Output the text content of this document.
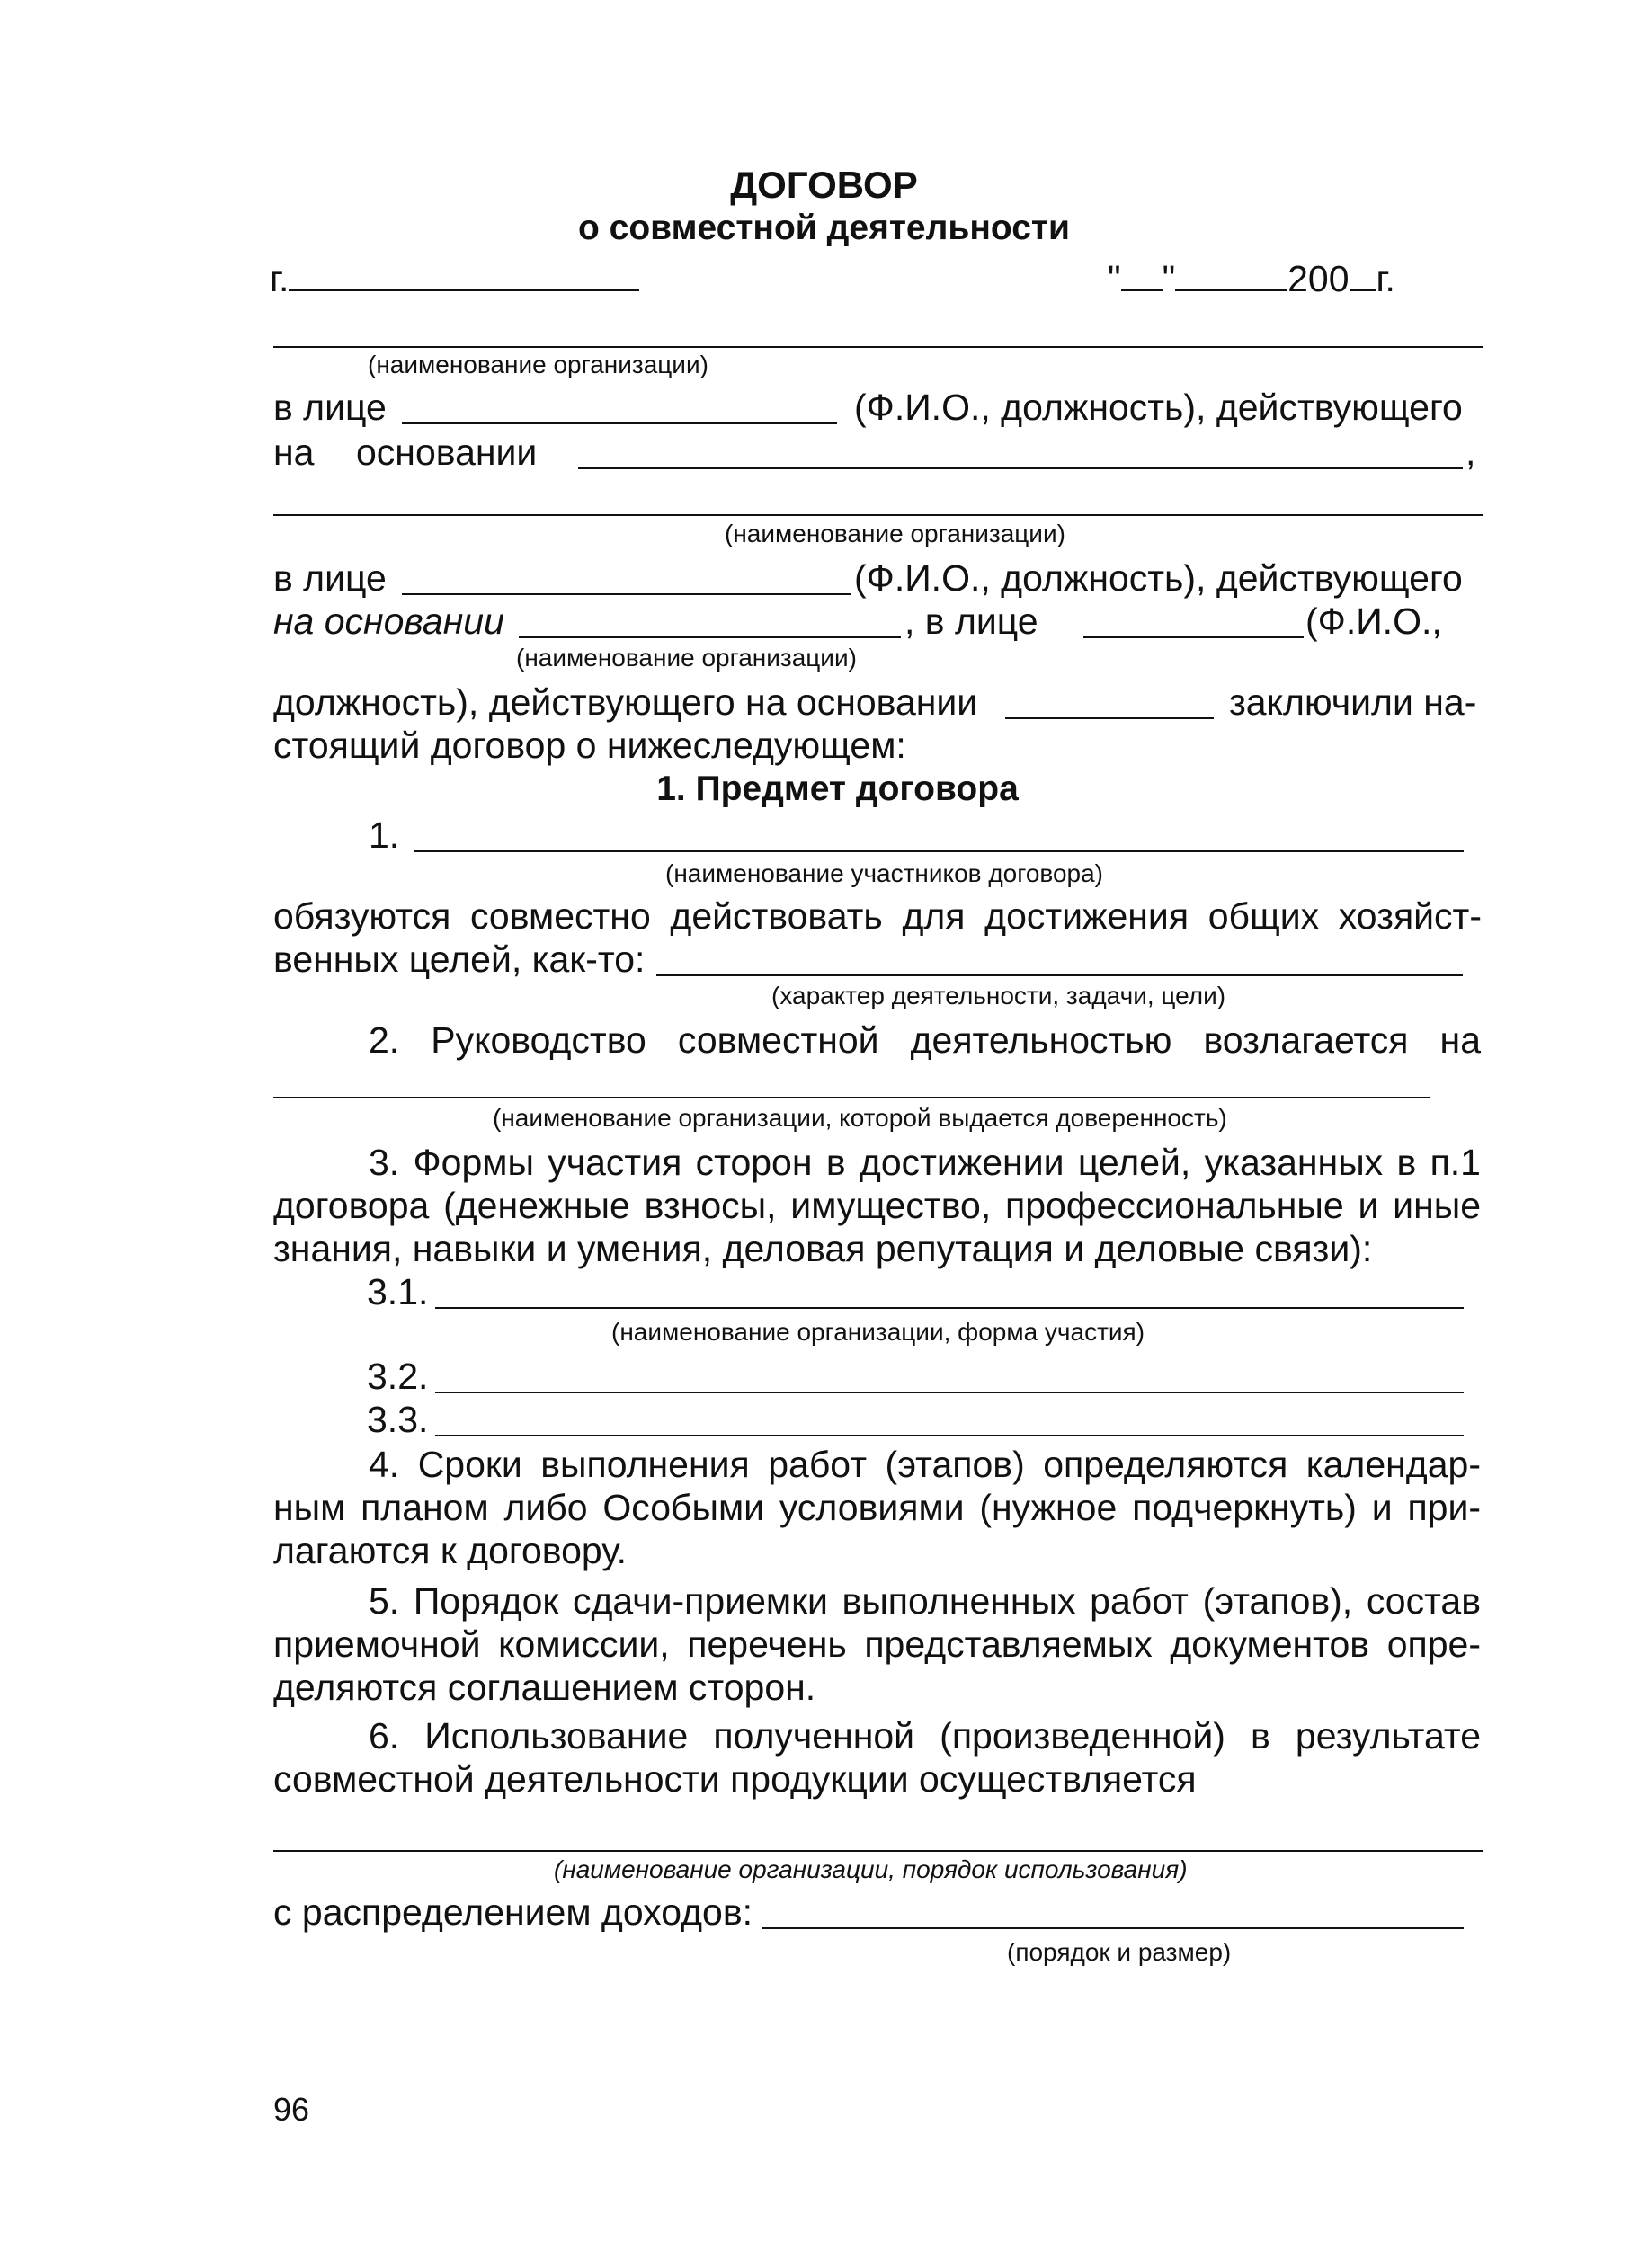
ДОГОВОР
о совместной деятельности
г.	" "	200 г.
(наименование организации)
в лице	(Ф.И.О., должность), действующего
на основании	,
(наименование организации)
в лице	(Ф.И.О., должность), действующего
на основании	, в лице	(Ф.И.О.,
(наименование организации)
должность), действующего на основании	заключили на-
стоящий договор о нижеследующем:
1. Предмет договора
1.
(наименование участников договора)
обязуются совместно действовать для достижения общих хозяйст-
венных целей, как-то:
(характер деятельности, задачи, цели)
2. Руководство совместной деятельностью возлагается на
(наименование организации, которой выдается доверенность)
3. Формы участия сторон в достижении целей, указанных в п.1
договора (денежные взносы, имущество, профессиональные и иные
знания, навыки и умения, деловая репутация и деловые связи):
3.1.
(наименование организации, форма участия)
3.2.
3.3.
4. Сроки выполнения работ (этапов) определяются календар-
ным планом либо Особыми условиями (нужное подчеркнуть) и при-
лагаются к договору.
5. Порядок сдачи-приемки выполненных работ (этапов), состав
приемочной комиссии, перечень представляемых документов опре-
деляются соглашением сторон.
6. Использование полученной (произведенной) в результате
совместной деятельности продукции осуществляется
(наименование организации, порядок использования)
с распределением доходов:
(порядок и размер)
96
